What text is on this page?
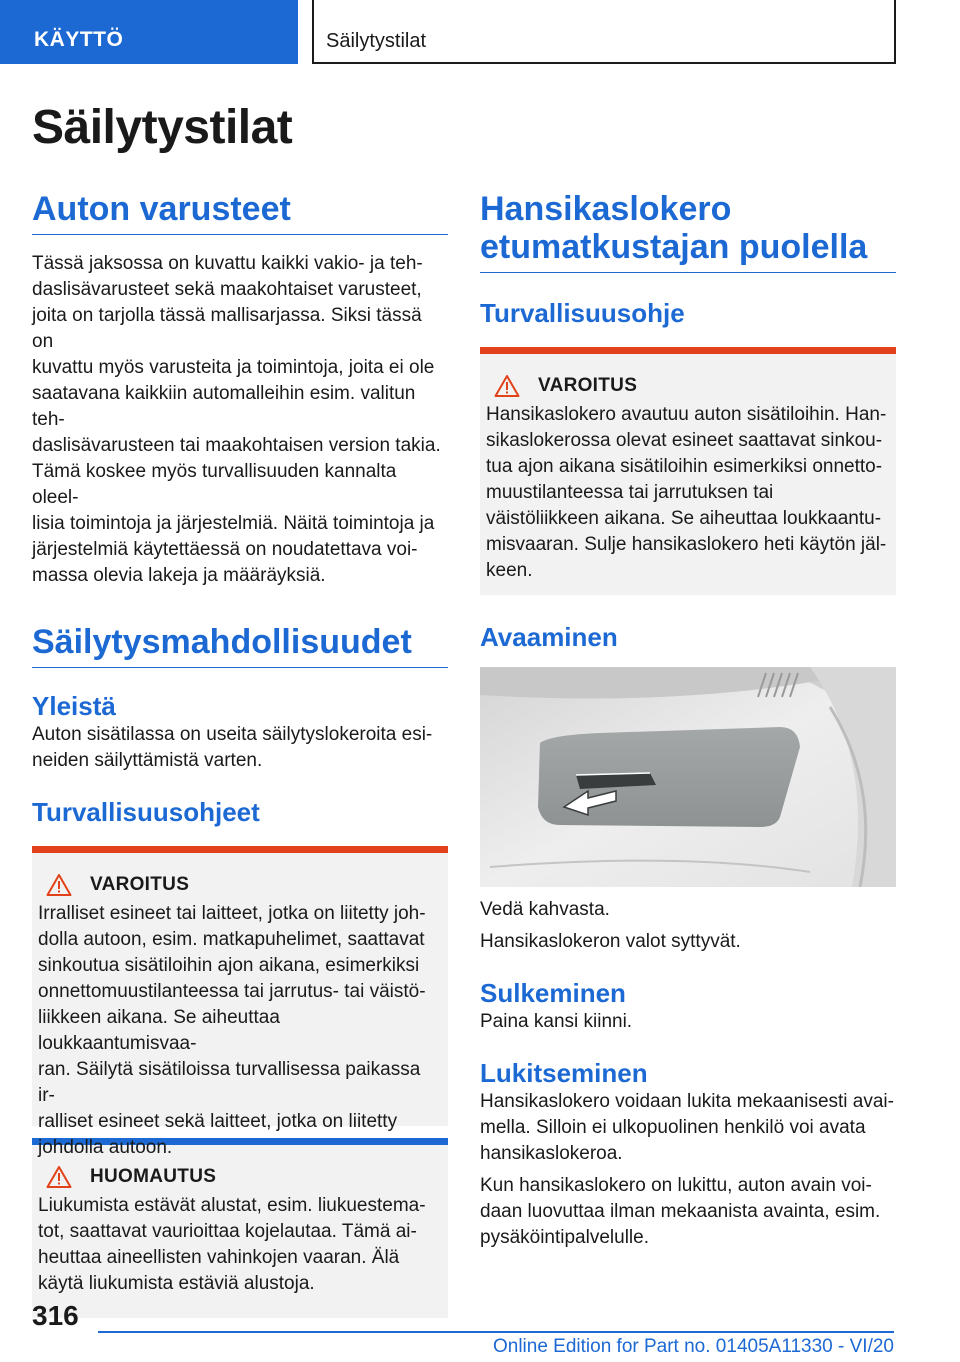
KÄYTTÖ	Säilytystilat
Säilytystilat
Auton varusteet
Tässä jaksossa on kuvattu kaikki vakio- ja teh-
daslisävarusteet sekä maakohtaiset varusteet,
joita on tarjolla tässä mallisarjassa. Siksi tässä on
kuvattu myös varusteita ja toimintoja, joita ei ole
saatavana kaikkiin automalleihin esim. valitun teh-
daslisävarusteen tai maakohtaisen version takia.
Tämä koskee myös turvallisuuden kannalta oleel-
lisia toimintoja ja järjestelmiä. Näitä toimintoja ja
järjestelmiä käytettäessä on noudatettava voi-
massa olevia lakeja ja määräyksiä.
Säilytysmahdollisuudet
Yleistä
Auton sisätilassa on useita säilytyslokeroita esi-
neiden säilyttämistä varten.
Turvallisuusohjeet
VAROITUS
Irralliset esineet tai laitteet, jotka on liitetty joh-
dolla autoon, esim. matkapuhelimet, saattavat
sinkoutua sisätiloihin ajon aikana, esimerkiksi
onnettomuustilanteessa tai jarrutus- tai väistö-
liikkeen aikana. Se aiheuttaa loukkaantumisvaa-
ran. Säilytä sisätiloissa turvallisessa paikassa ir-
ralliset esineet sekä laitteet, jotka on liitetty
johdolla autoon.
HUOMAUTUS
Liukumista estävät alustat, esim. liukuestema-
tot, saattavat vaurioittaa kojelautaa. Tämä ai-
heuttaa aineellisten vahinkojen vaaran. Älä
käytä liukumista estäviä alustoja.
Hansikaslokero
etumatkustajan puolella
Turvallisuusohje
VAROITUS
Hansikaslokero avautuu auton sisätiloihin. Han-
sikaslokerossa olevat esineet saattavat sinkou-
tua ajon aikana sisätiloihin esimerkiksi onnetto-
muustilanteessa tai jarrutuksen tai
väistöliikkeen aikana. Se aiheuttaa loukkaantu-
misvaaran. Sulje hansikaslokero heti käytön jäl-
keen.
Avaaminen
Vedä kahvasta.
Hansikaslokeron valot syttyvät.
Sulkeminen
Paina kansi kiinni.
Lukitseminen
Hansikaslokero voidaan lukita mekaanisesti avai-
mella. Silloin ei ulkopuolinen henkilö voi avata
hansikaslokeroa.
Kun hansikaslokero on lukittu, auton avain voi-
daan luovuttaa ilman mekaanista avainta, esim.
pysäköintipalvelulle.
316
Online Edition for Part no. 01405A11330 - VI/20
